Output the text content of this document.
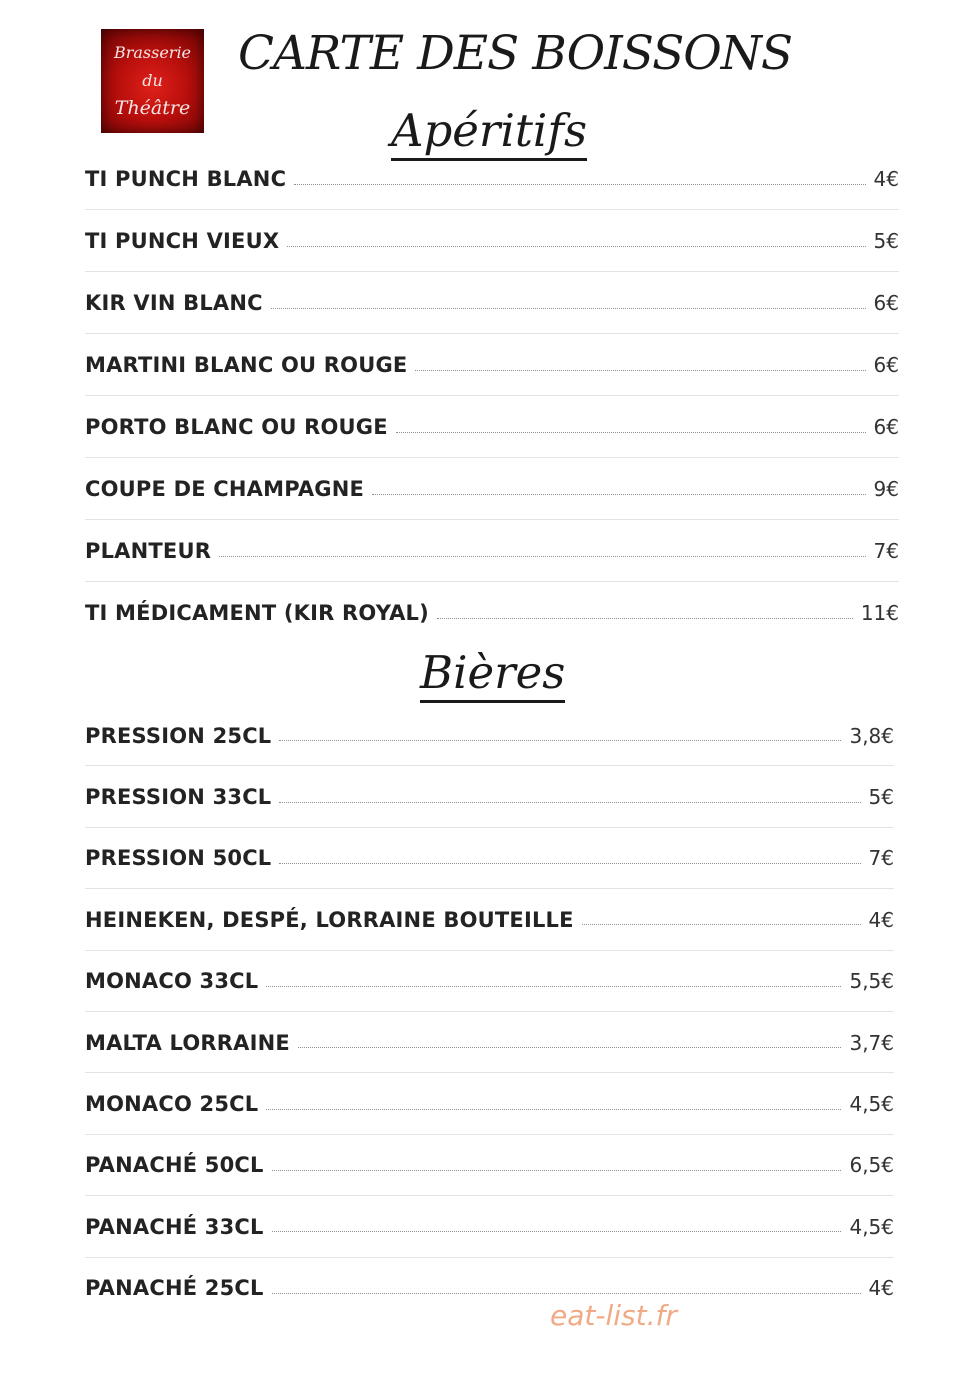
Brasserie
du
Théâtre
CARTE DES BOISSONS
Apéritifs
TI PUNCH BLANC	4€
TI PUNCH VIEUX	5€
KIR VIN BLANC	6€
MARTINI BLANC OU ROUGE	6€
PORTO BLANC OU ROUGE	6€
COUPE DE CHAMPAGNE	9€
PLANTEUR	7€
TI MÉDICAMENT (KIR ROYAL)	11€
Bières
PRESSION 25CL	3,8€
PRESSION 33CL	5€
PRESSION 50CL	7€
HEINEKEN, DESPÉ, LORRAINE BOUTEILLE	4€
MONACO 33CL	5,5€
MALTA LORRAINE	3,7€
MONACO 25CL	4,5€
PANACHÉ 50CL	6,5€
PANACHÉ 33CL	4,5€
PANACHÉ 25CL	4€
eat-list.fr
